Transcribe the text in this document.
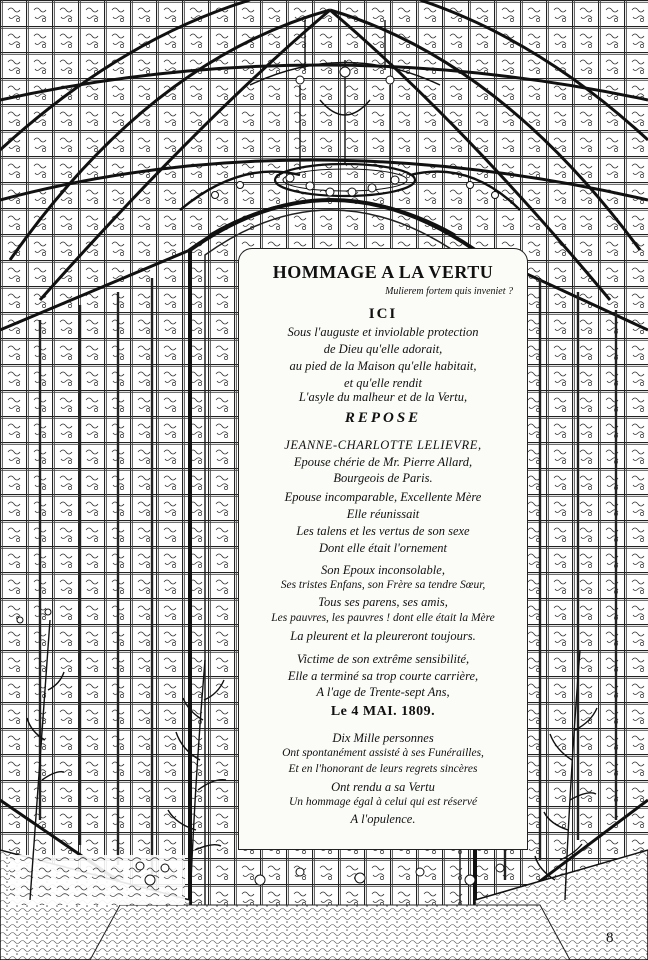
HOMMAGE A LA VERTU
Mulierem fortem quis inveniet ?
ICI
Sous l'auguste et inviolable protection
de Dieu qu'elle adorait,
au pied de la Maison qu'elle habitait,
et qu'elle rendit
L'asyle du malheur et de la Vertu,
REPOSE
JEANNE-CHARLOTTE LELIEVRE,
Epouse chérie de Mr. Pierre Allard,
Bourgeois de Paris.
Epouse incomparable, Excellente Mère
Elle réunissait
Les talens et les vertus de son sexe
Dont elle était l'ornement
Son Epoux inconsolable,
Ses tristes Enfans, son Frère sa tendre Sœur,
Tous ses parens, ses amis,
Les pauvres, les pauvres ! dont elle était la Mère
La pleurent et la pleureront toujours.
Victime de son extrême sensibilité,
Elle a terminé sa trop courte carrière,
A l'age de Trente-sept Ans,
Le 4 MAI. 1809.
Dix Mille personnes
Ont spontanément assisté à ses Funérailles,
Et en l'honorant de leurs regrets sincères
Ont rendu a sa Vertu
Un hommage égal à celui qui est réservé
A l'opulence.
8
